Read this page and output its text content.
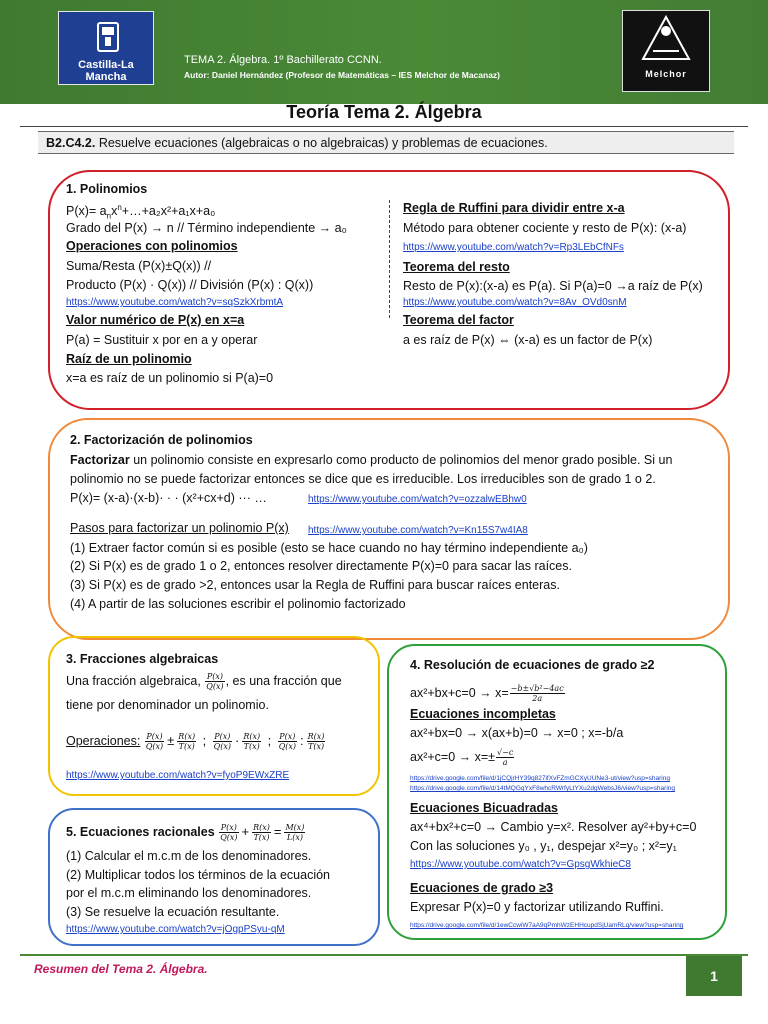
Castilla-La Mancha
TEMA 2. Álgebra. 1º Bachillerato CCNN.
Autor: Daniel Hernández (Profesor de Matemáticas – IES Melchor de Macanaz)	Melchor
Teoría Tema 2. Álgebra
B2.C4.2. Resuelve ecuaciones (algebraicas o no algebraicas) y problemas de ecuaciones.
1. Polinomios
$P(x)= a_nx^n+\dots+a_2x^2+a_1x+a_0$
Grado del P(x) → n // Término independiente → a₀
Operaciones con polinomios
Suma/Resta (P(x)±Q(x)) //
Producto (P(x) · Q(x)) // División (P(x) : Q(x))
https://www.youtube.com/watch?v=sqSzkXrbmtA
Valor numérico de P(x) en x=a
P(a) = Sustituir x por en a y operar
Raíz de un polinomio
x=a es raíz de un polinomio si P(a)=0
Regla de Ruffini para dividir entre x-a
Método para obtener cociente y resto de P(x): (x-a)
https://www.youtube.com/watch?v=Rp3LEbCfNFs
Teorema del resto
Resto de P(x):(x-a) es P(a). Si P(a)=0 →a raíz de P(x)
https://www.youtube.com/watch?v=8Av_OVd0snM
Teorema del factor
a es raíz de P(x) ⇔ (x-a) es un factor de P(x)
2. Factorización de polinomios
Factorizar un polinomio consiste en expresarlo como producto de polinomios del menor grado posible. Si un
polinomio no se puede factorizar entonces se dice que es irreducible. Los irreducibles son de grado 1 o 2.
P(x)= (x-a)·(x-b)· · · (x²+cx+d) ··· …	https://www.youtube.com/watch?v=ozzalwEBhw0
Pasos para factorizar un polinomio P(x) https://www.youtube.com/watch?v=Kn15S7w4IA8
(1) Extraer factor común si es posible (esto se hace cuando no hay término independiente a₀)
(2) Si P(x) es de grado 1 o 2, entonces resolver directamente P(x)=0 para sacar las raíces.
(3) Si P(x) es de grado >2, entonces usar la Regla de Ruffini para buscar raíces enteras.
(4) A partir de las soluciones escribir el polinomio factorizado
3. Fracciones algebraicas
Una fracción algebraica, $\frac{P(x)}{Q(x)}$ , es una fracción que
tiene por denominador un polinomio.
Operaciones: $\frac{P(x)}{Q(x)} \pm \frac{R(x)}{T(x)}$ ; $\frac{P(x)}{Q(x)} \cdot \frac{R(x)}{T(x)}$ ; $\frac{P(x)}{Q(x)}$ : $\frac{R(x)}{T(x)}$
https://www.youtube.com/watch?v=fyoP9EWxZRE
4. Resolución de ecuaciones de grado ≥2
$ax^2+bx+c=0 \to x= \frac{\text{−b±√b²−4ac}}{2a}$
Ecuaciones incompletas
ax²+bx=0 → x(ax+b)=0 → x=0 ; x=-b/a
$ax^2+c=0 \to x=\pm \frac{√-c}{a}$
https://drive.google.com/file/d/1jCQjrHY39q827ifXvFZmGCXyUUNe3-ut/view?usp=sharing
https://drive.google.com/file/d/14tMQGqYxF8whcRWrfyLtYXu2dgWebsJ6/view?usp=sharing
Ecuaciones Bicuadradas
ax⁴+bx²+c=0 → Cambio y=x². Resolver ay²+by+c=0
Con las soluciones y₀ , y₁, despejar x²=y₀ ; x²=y₁
https://www.youtube.com/watch?v=GpsgWkhieC8
Ecuaciones de grado ≥3
Expresar P(x)=0 y factorizar utilizando Ruffini.
https://drive.google.com/file/d/1ewCcwiW7aA9qPmhWzEHHcupdSjUamRLq/view?usp=sharing
5. Ecuaciones racionales $\frac{P(x)}{Q(x)} + \frac{R(x)}{T(x)} = \frac{M(x)}{L(x)}$
(1) Calcular el m.c.m de los denominadores.
(2) Multiplicar todos los términos de la ecuación
por el m.c.m eliminando los denominadores.
(3) Se resuelve la ecuación resultante.
https://www.youtube.com/watch?v=jOgpPSyu-qM
Resumen del Tema 2. Álgebra.	1
